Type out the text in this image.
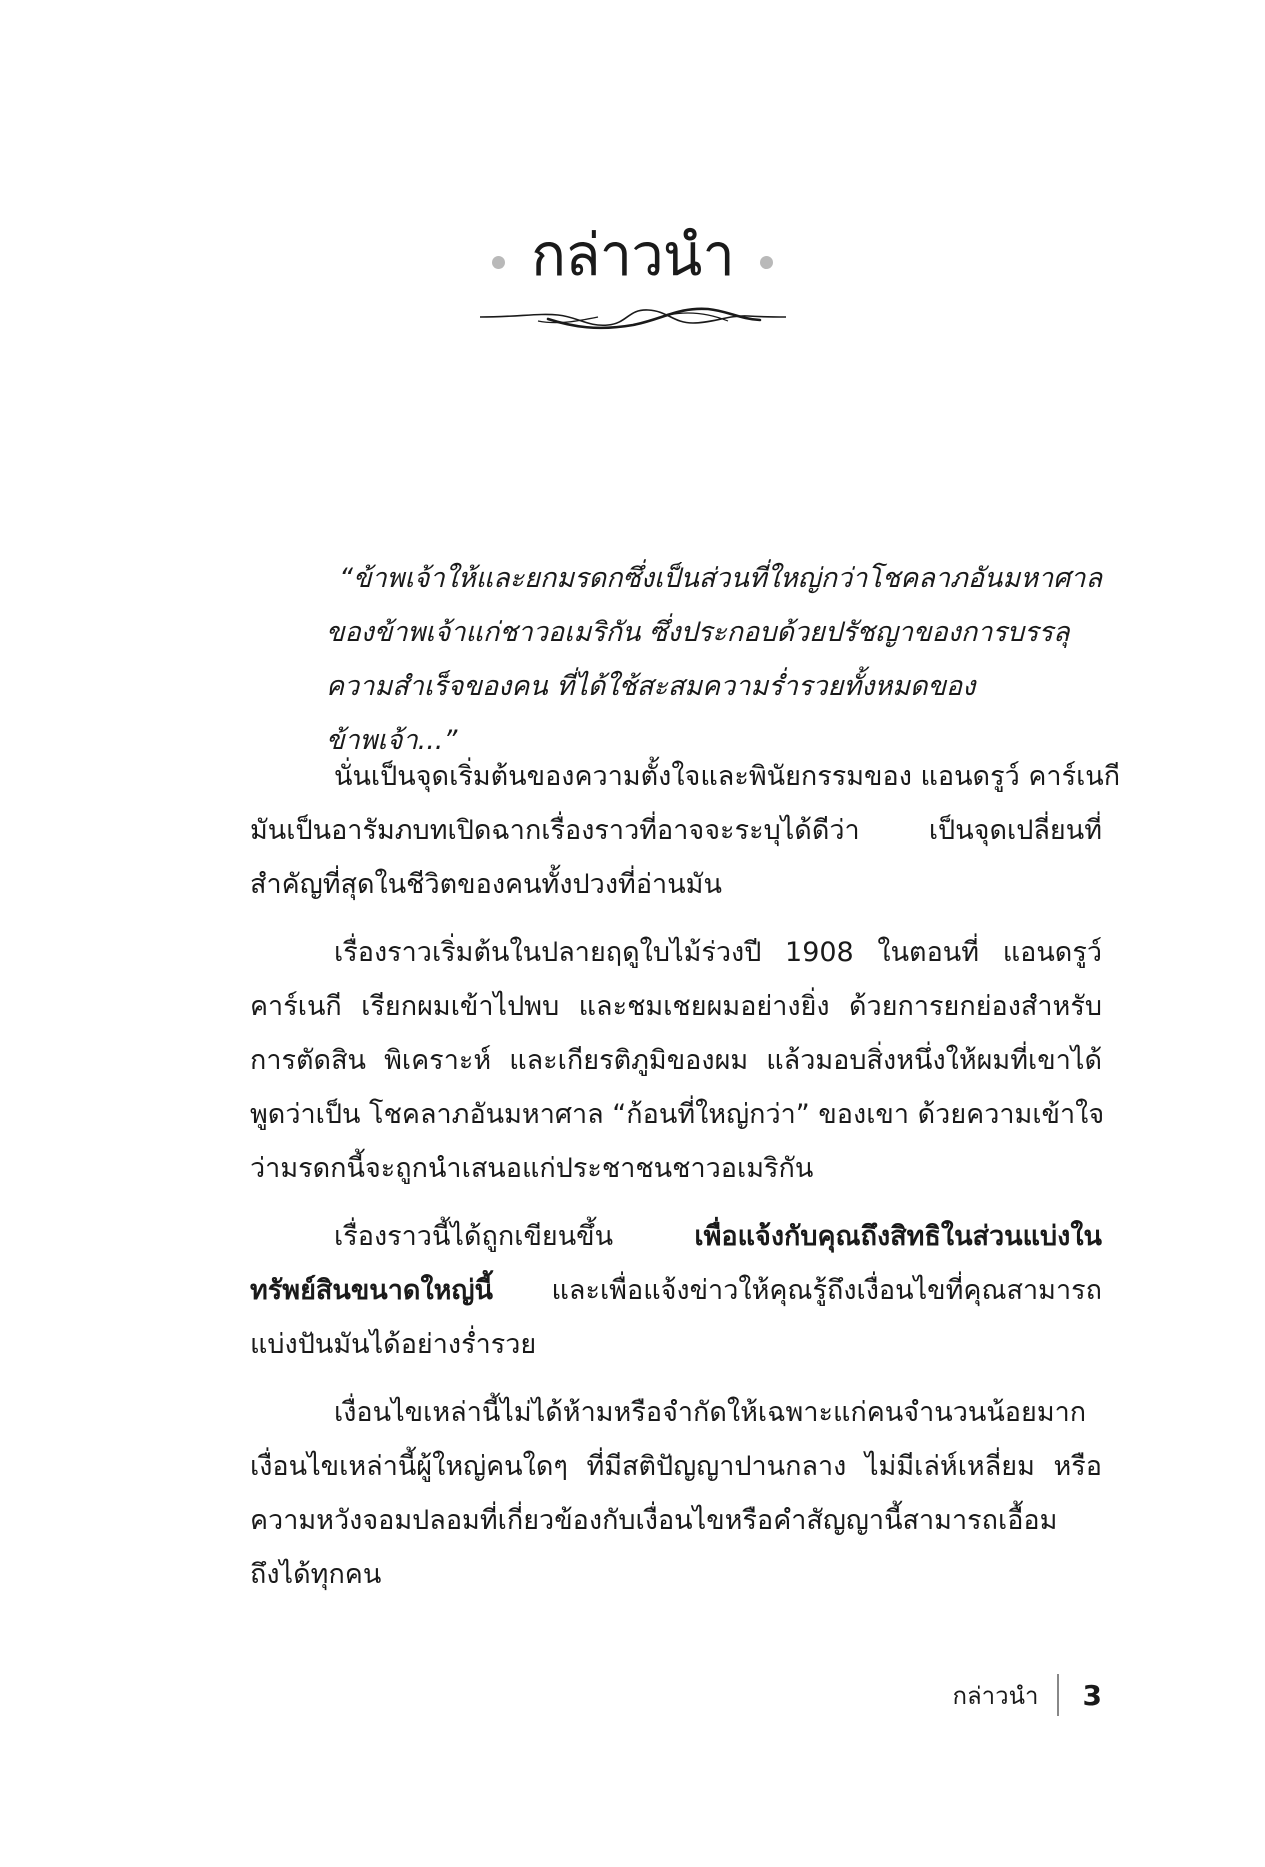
กล่าวนำ

“ข้าพเจ้าให้และยกมรดกซึ่งเป็นส่วนที่ใหญ่กว่าโชคลาภอันมหาศาล

ของข้าพเจ้าแก่ชาวอเมริกัน ซึ่งประกอบด้วยปรัชญาของการบรรลุ

ความสำเร็จของคน ที่ได้ใช้สะสมความร่ำรวยทั้งหมดของข้าพเจ้า...”

นั่นเป็นจุดเริ่มต้นของความตั้งใจและพินัยกรรมของ แอนดรูว์ คาร์เนกี
มันเป็นอารัมภบทเปิดฉากเรื่องราวที่อาจจะระบุได้ดีว่า เป็นจุดเปลี่ยนที่
สำคัญที่สุดในชีวิตของคนทั้งปวงที่อ่านมัน
เรื่องราวเริ่มต้นในปลายฤดูใบไม้ร่วงปี 1908 ในตอนที่ แอนดรูว์
คาร์เนกี เรียกผมเข้าไปพบ และชมเชยผมอย่างยิ่ง ด้วยการยกย่องสำหรับ
การตัดสิน พิเคราะห์ และเกียรติภูมิของผม แล้วมอบสิ่งหนึ่งให้ผมที่เขาได้
พูดว่าเป็น โชคลาภอันมหาศาล “ก้อนที่ใหญ่กว่า” ของเขา ด้วยความเข้าใจ
ว่ามรดกนี้จะถูกนำเสนอแก่ประชาชนชาวอเมริกัน
เรื่องราวนี้ได้ถูกเขียนขึ้น เพื่อแจ้งกับคุณถึงสิทธิในส่วนแบ่งใน
ทรัพย์สินขนาดใหญ่นี้ และเพื่อแจ้งข่าวให้คุณรู้ถึงเงื่อนไขที่คุณสามารถ
แบ่งปันมันได้อย่างร่ำรวย
เงื่อนไขเหล่านี้ไม่ได้ห้ามหรือจำกัดให้เฉพาะแก่คนจำนวนน้อยมาก
เงื่อนไขเหล่านี้ผู้ใหญ่คนใดๆ ที่มีสติปัญญาปานกลาง ไม่มีเล่ห์เหลี่ยม หรือ
ความหวังจอมปลอมที่เกี่ยวข้องกับเงื่อนไขหรือคำสัญญานี้สามารถเอื้อม
ถึงได้ทุกคน
กล่าวนำ 3
